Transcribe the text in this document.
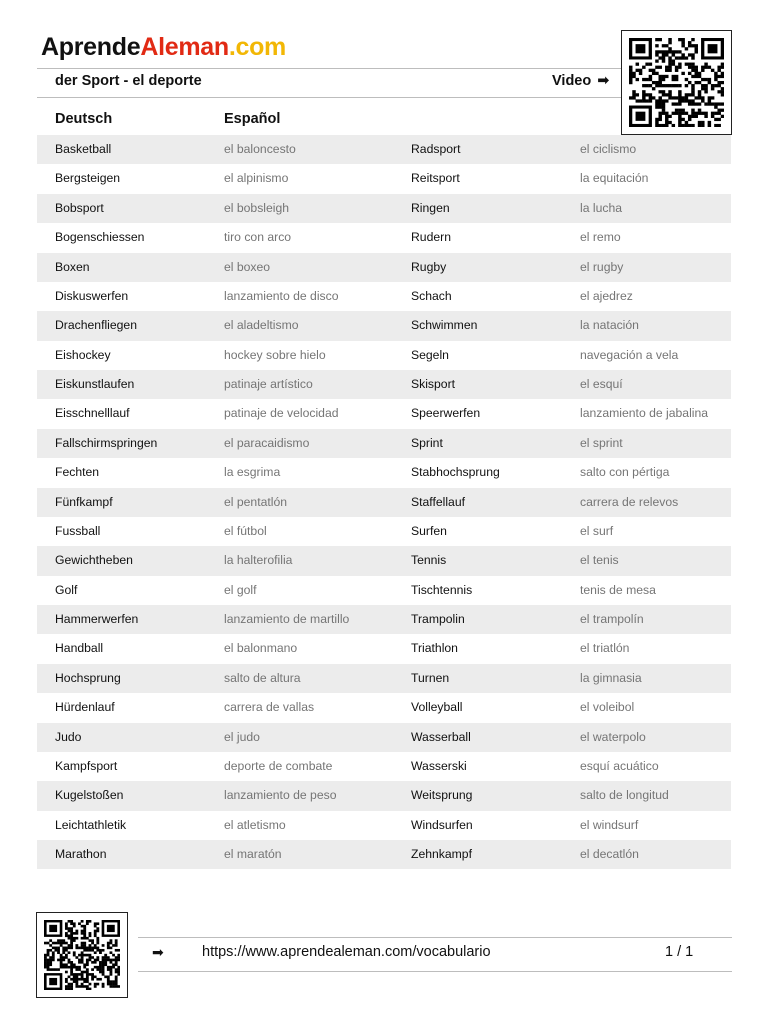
AprendeAleman.com
der Sport - el deporte	Video ➡
Deutsch	Español
Basketball	el baloncesto	Radsport	el ciclismo
Bergsteigen	el alpinismo	Reitsport	la equitación
Bobsport	el bobsleigh	Ringen	la lucha
Bogenschiessen	tiro con arco	Rudern	el remo
Boxen	el boxeo	Rugby	el rugby
Diskuswerfen	lanzamiento de disco	Schach	el ajedrez
Drachenfliegen	el aladeltismo	Schwimmen	la natación
Eishockey	hockey sobre hielo	Segeln	navegación a vela
Eiskunstlaufen	patinaje artístico	Skisport	el esquí
Eisschnelllauf	patinaje de velocidad	Speerwerfen	lanzamiento de jabalina
Fallschirmspringen	el paracaidismo	Sprint	el sprint
Fechten	la esgrima	Stabhochsprung	salto con pértiga
Fünfkampf	el pentatlón	Staffellauf	carrera de relevos
Fussball	el fútbol	Surfen	el surf
Gewichtheben	la halterofilia	Tennis	el tenis
Golf	el golf	Tischtennis	tenis de mesa
Hammerwerfen	lanzamiento de martillo	Trampolin	el trampolín
Handball	el balonmano	Triathlon	el triatlón
Hochsprung	salto de altura	Turnen	la gimnasia
Hürdenlauf	carrera de vallas	Volleyball	el voleibol
Judo	el judo	Wasserball	el waterpolo
Kampfsport	deporte de combate	Wasserski	esquí acuático
Kugelstoßen	lanzamiento de peso	Weitsprung	salto de longitud
Leichtathletik	el atletismo	Windsurfen	el windsurf
Marathon	el maratón	Zehnkampf	el decatlón
➡	https://www.aprendealeman.com/vocabulario	1 / 1
